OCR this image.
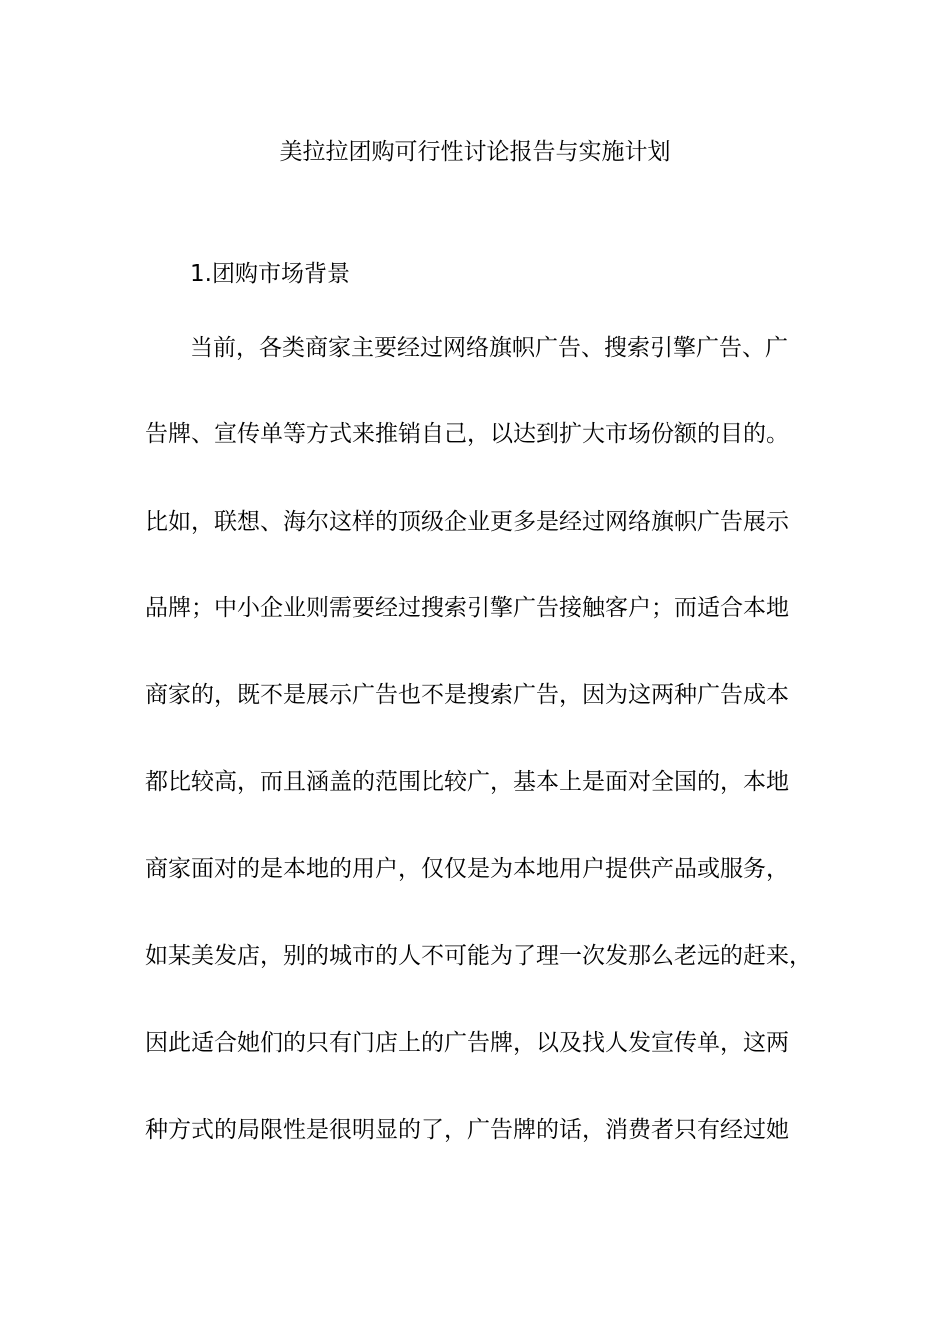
美拉拉团购可行性讨论报告与实施计划
1.团购市场背景
当前，各类商家主要经过网络旗帜广告、搜索引擎广告、广
告牌、宣传单等方式来推销自己，以达到扩大市场份额的目的。
比如，联想、海尔这样的顶级企业更多是经过网络旗帜广告展示
品牌；中小企业则需要经过搜索引擎广告接触客户；而适合本地
商家的，既不是展示广告也不是搜索广告，因为这两种广告成本
都比较高，而且涵盖的范围比较广，基本上是面对全国的，本地
商家面对的是本地的用户，仅仅是为本地用户提供产品或服务，
如某美发店，别的城市的人不可能为了理一次发那么老远的赶来，
因此适合她们的只有门店上的广告牌，以及找人发宣传单，这两
种方式的局限性是很明显的了，广告牌的话，消费者只有经过她
